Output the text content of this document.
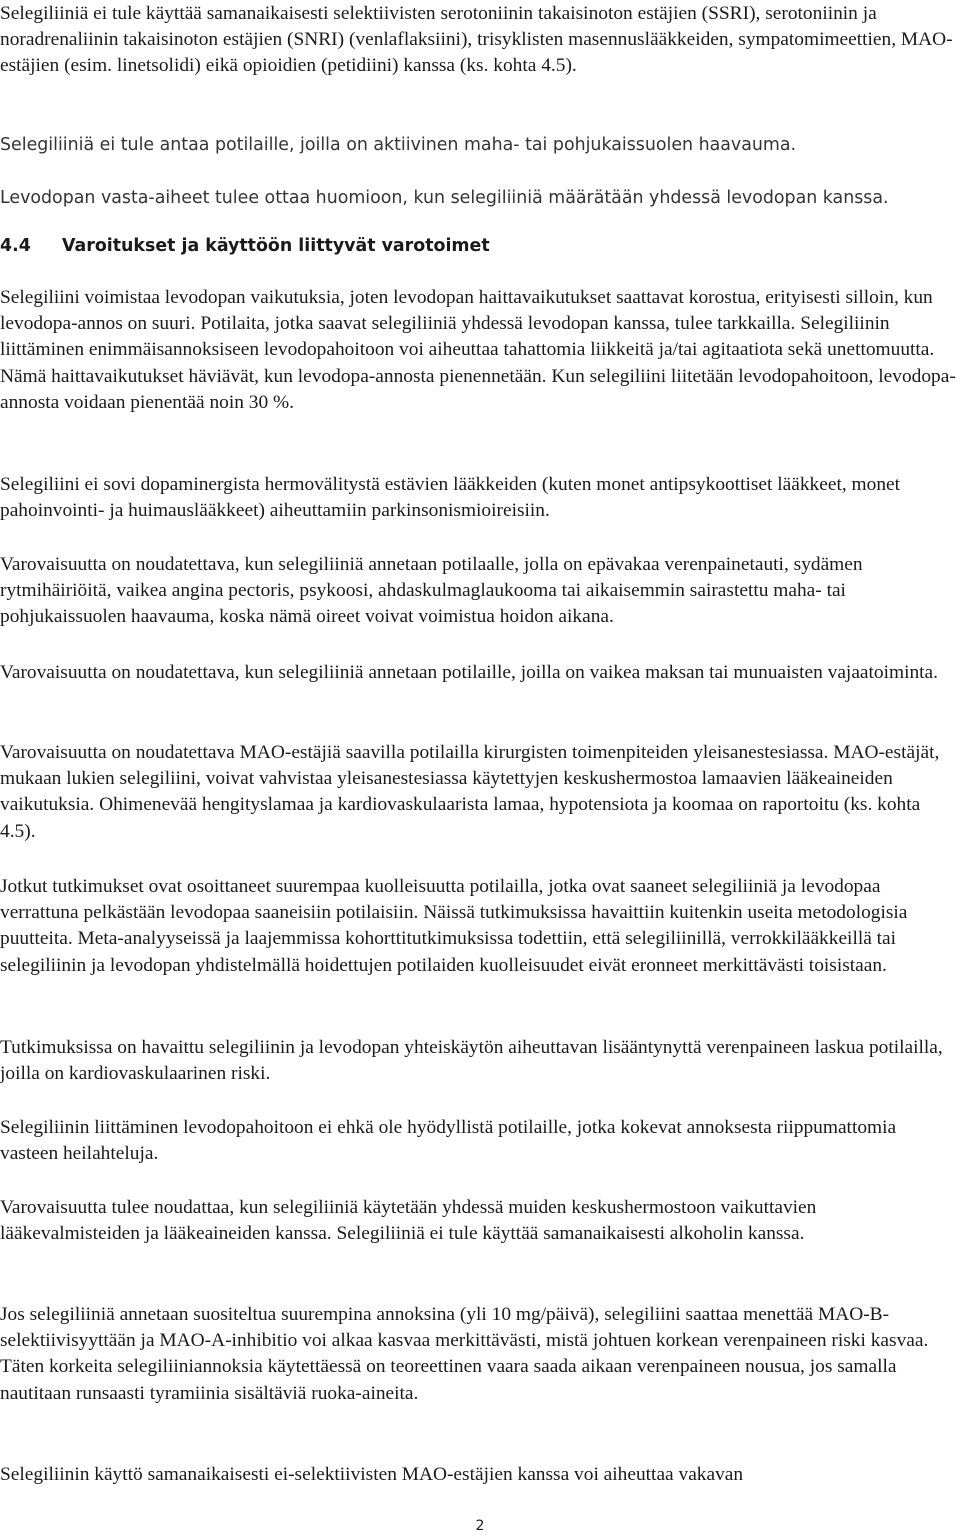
Selegiliiniä ei tule käyttää samanaikaisesti selektiivisten serotoniinin takaisinoton estäjien (SSRI), serotoniinin ja noradrenaliinin takaisinoton estäjien (SNRI) (venlaflaksiini), trisyklisten masennuslääkkeiden, sympatomimeettien, MAO-estäjien (esim. linetsolidi) eikä opioidien (petidiini) kanssa (ks. kohta 4.5).

Selegiliiniä ei tule antaa potilaille, joilla on aktiivinen maha- tai pohjukaissuolen haavauma.

Levodopan vasta-aiheet tulee ottaa huomioon, kun selegiliiniä määrätään yhdessä levodopan kanssa.

4.4 Varoitukset ja käyttöön liittyvät varotoimet

Selegiliini voimistaa levodopan vaikutuksia, joten levodopan haittavaikutukset saattavat korostua, erityisesti silloin, kun levodopa-annos on suuri. Potilaita, jotka saavat selegiliiniä yhdessä levodopan kanssa, tulee tarkkailla. Selegiliinin liittäminen enimmäisannoksiseen levodopahoitoon voi aiheuttaa tahattomia liikkeitä ja/tai agitaatiota sekä unettomuutta. Nämä haittavaikutukset häviävät, kun levodopa-annosta pienennetään. Kun selegiliini liitetään levodopahoitoon, levodopa-annosta voidaan pienentää noin 30 %.

Selegiliini ei sovi dopaminergista hermovälitystä estävien lääkkeiden (kuten monet antipsykoottiset lääkkeet, monet pahoinvointi- ja huimauslääkkeet) aiheuttamiin parkinsonismioireisiin.

Varovaisuutta on noudatettava, kun selegiliiniä annetaan potilaalle, jolla on epävakaa verenpainetauti, sydämen rytmihäiriöitä, vaikea angina pectoris, psykoosi, ahdaskulmaglaukooma tai aikaisemmin sairastettu maha- tai pohjukaissuolen haavauma, koska nämä oireet voivat voimistua hoidon aikana.

Varovaisuutta on noudatettava, kun selegiliiniä annetaan potilaille, joilla on vaikea maksan tai munuaisten vajaatoiminta.

Varovaisuutta on noudatettava MAO-estäjiä saavilla potilailla kirurgisten toimenpiteiden yleisanestesiassa. MAO-estäjät, mukaan lukien selegiliini, voivat vahvistaa yleisanestesiassa käytettyjen keskushermostoa lamaavien lääkeaineiden vaikutuksia. Ohimenevää hengityslamaa ja kardiovaskulaarista lamaa, hypotensiota ja koomaa on raportoitu (ks. kohta 4.5).

Jotkut tutkimukset ovat osoittaneet suurempaa kuolleisuutta potilailla, jotka ovat saaneet selegiliiniä ja levodopaa verrattuna pelkästään levodopaa saaneisiin potilaisiin. Näissä tutkimuksissa havaittiin kuitenkin useita metodologisia puutteita. Meta-analyyseissä ja laajemmissa kohorttitutkimuksissa todettiin, että selegiliinillä, verrokkilääkkeillä tai selegiliinin ja levodopan yhdistelmällä hoidettujen potilaiden kuolleisuudet eivät eronneet merkittävästi toisistaan.

Tutkimuksissa on havaittu selegiliinin ja levodopan yhteiskäytön aiheuttavan lisääntynyttä verenpaineen laskua potilailla, joilla on kardiovaskulaarinen riski.

Selegiliinin liittäminen levodopahoitoon ei ehkä ole hyödyllistä potilaille, jotka kokevat annoksesta riippumattomia vasteen heilahteluja.

Varovaisuutta tulee noudattaa, kun selegiliiniä käytetään yhdessä muiden keskushermostoon vaikuttavien lääkevalmisteiden ja lääkeaineiden kanssa. Selegiliiniä ei tule käyttää samanaikaisesti alkoholin kanssa.

Jos selegiliiniä annetaan suositeltua suurempina annoksina (yli 10 mg/päivä), selegiliini saattaa menettää MAO-B-selektiivisyyttään ja MAO-A-inhibitio voi alkaa kasvaa merkittävästi, mistä johtuen korkean verenpaineen riski kasvaa. Täten korkeita selegiliiniannoksia käytettäessä on teoreettinen vaara saada aikaan verenpaineen nousua, jos samalla nautitaan runsaasti tyramiinia sisältäviä ruoka-aineita.

Selegiliinin käyttö samanaikaisesti ei-selektiivisten MAO-estäjien kanssa voi aiheuttaa vakavan

2
